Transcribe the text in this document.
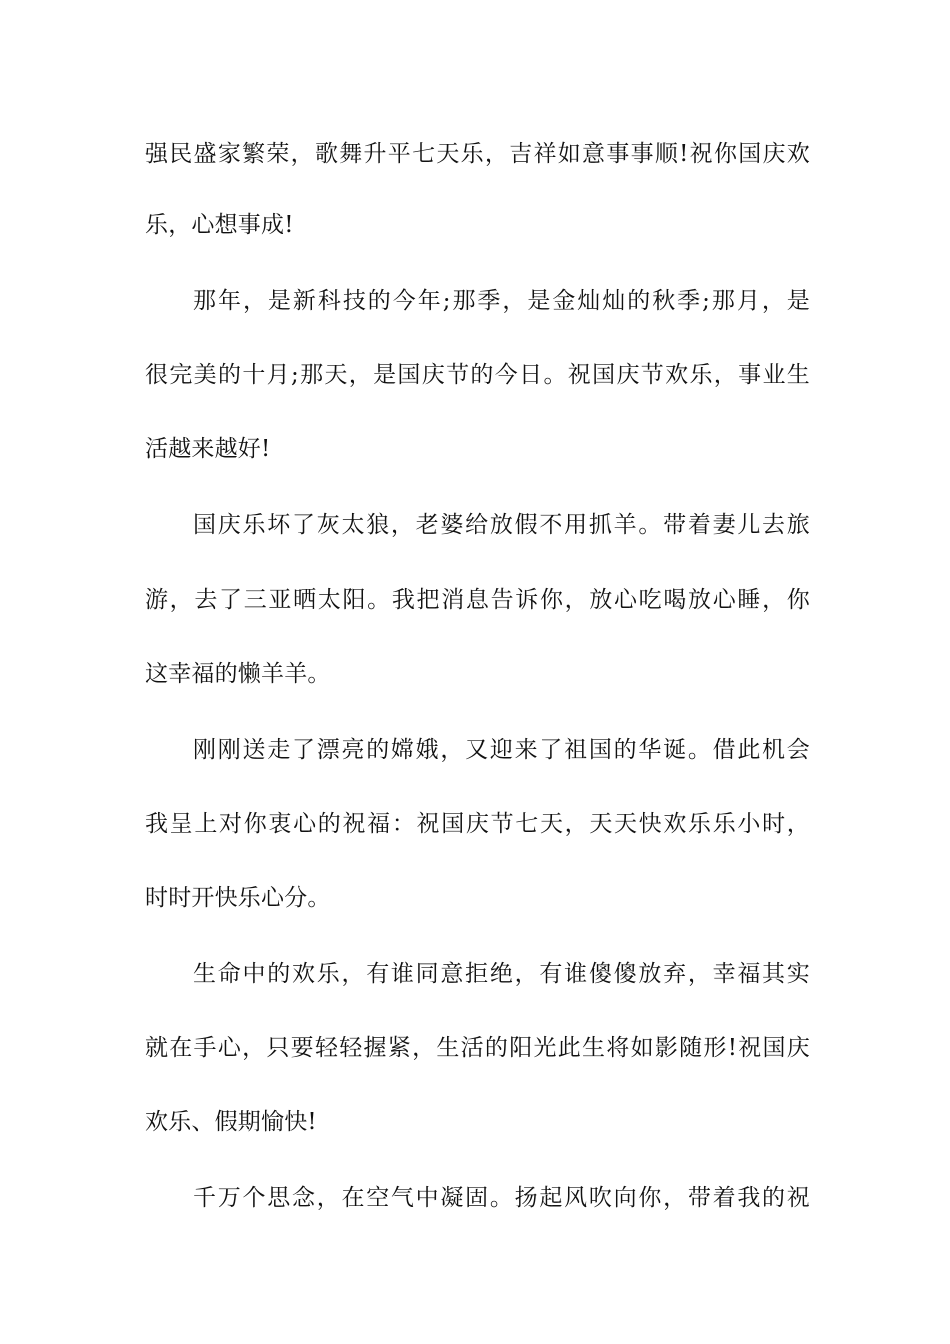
强民盛家繁荣，歌舞升平七天乐，吉祥如意事事顺!祝你国庆欢
乐，心想事成!
那年，是新科技的今年;那季，是金灿灿的秋季;那月，是
很完美的十月;那天，是国庆节的今日。祝国庆节欢乐，事业生
活越来越好!
国庆乐坏了灰太狼，老婆给放假不用抓羊。带着妻儿去旅
游，去了三亚晒太阳。我把消息告诉你，放心吃喝放心睡，你
这幸福的懒羊羊。
刚刚送走了漂亮的嫦娥，又迎来了祖国的华诞。借此机会
我呈上对你衷心的祝福：祝国庆节七天，天天快欢乐乐小时，
时时开快乐心分。
生命中的欢乐，有谁同意拒绝，有谁傻傻放弃，幸福其实
就在手心，只要轻轻握紧，生活的阳光此生将如影随形!祝国庆
欢乐、假期愉快!
千万个思念，在空气中凝固。扬起风吹向你，带着我的祝
